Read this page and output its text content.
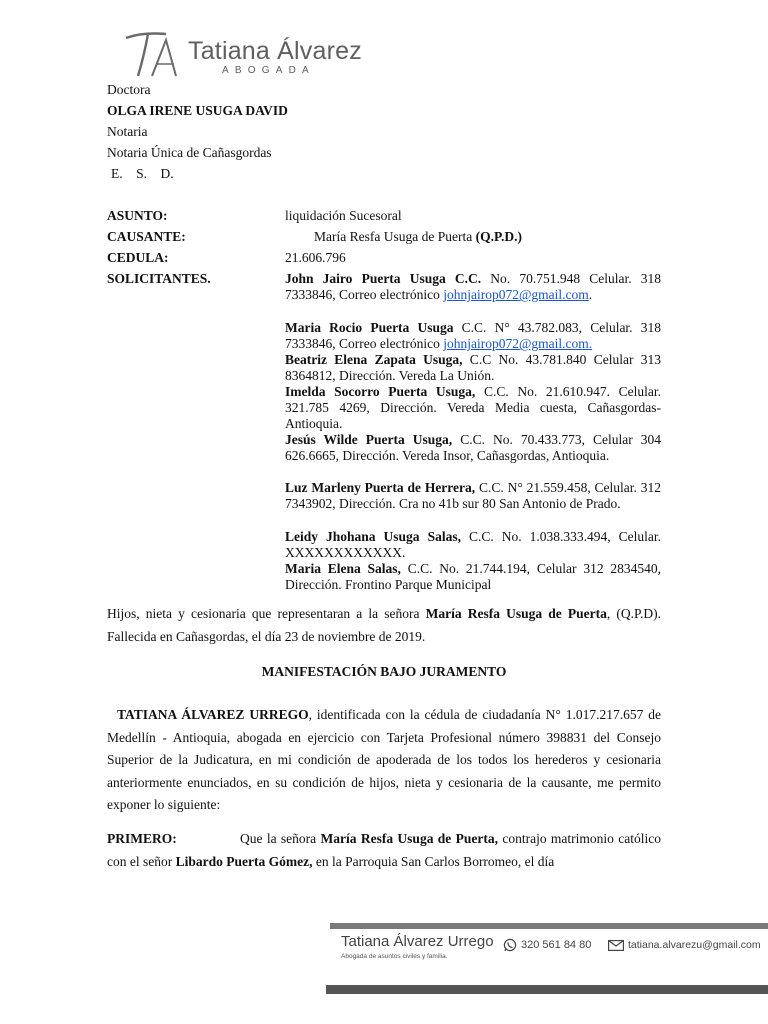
Tatiana Álvarez
ABOGADA
Doctora
OLGA IRENE USUGA DAVID
Notaria
Notaria Única de Cañasgordas
E.    S.    D.
ASUNTO:	liquidación Sucesoral
CAUSANTE:	María Resfa Usuga de Puerta (Q.P.D.)
CEDULA:	21.606.796
SOLICITANTES.	John Jairo Puerta Usuga C.C. No. 70.751.948 Celular. 318 7333846, Correo electrónico johnjairop072@gmail.com.
Maria Rocio Puerta Usuga C.C. N° 43.782.083, Celular. 318 7333846, Correo electrónico johnjairop072@gmail.com.
Beatriz Elena Zapata Usuga, C.C No. 43.781.840 Celular 313 8364812, Dirección. Vereda La Unión.
Imelda Socorro Puerta Usuga, C.C. No. 21.610.947. Celular. 321.785 4269, Dirección. Vereda Media cuesta, Cañasgordas-Antioquia.
Jesús Wilde Puerta Usuga, C.C. No. 70.433.773, Celular 304 626.6665, Dirección. Vereda Insor, Cañasgordas, Antioquia.
Luz Marleny Puerta de Herrera, C.C. N° 21.559.458, Celular. 312 7343902, Dirección. Cra no 41b sur 80 San Antonio de Prado.
Leidy Jhohana Usuga Salas, C.C. No. 1.038.333.494, Celular. XXXXXXXXXXXX.
Maria Elena Salas, C.C. No. 21.744.194, Celular 312 2834540, Dirección. Frontino Parque Municipal
Hijos, nieta y cesionaria que representaran a la señora María Resfa Usuga de Puerta, (Q.P.D). Fallecida en Cañasgordas, el día 23 de noviembre de 2019.
MANIFESTACIÓN BAJO JURAMENTO
TATIANA ÁLVAREZ URREGO, identificada con la cédula de ciudadanía N° 1.017.217.657 de Medellín - Antioquia, abogada en ejercicio con Tarjeta Profesional número 398831 del Consejo Superior de la Judicatura, en mi condición de apoderada de los todos los herederos y cesionaria anteriormente enunciados, en su condición de hijos, nieta y cesionaria de la causante, me permito exponer lo siguiente:
PRIMERO:	Que la señora María Resfa Usuga de Puerta, contrajo matrimonio católico con el señor Libardo Puerta Gómez, en la Parroquia San Carlos Borromeo, el día
Tatiana Álvarez Urrego
Abogada de asuntos civiles y familia.
320 561 84 80	tatiana.alvarezu@gmail.com
